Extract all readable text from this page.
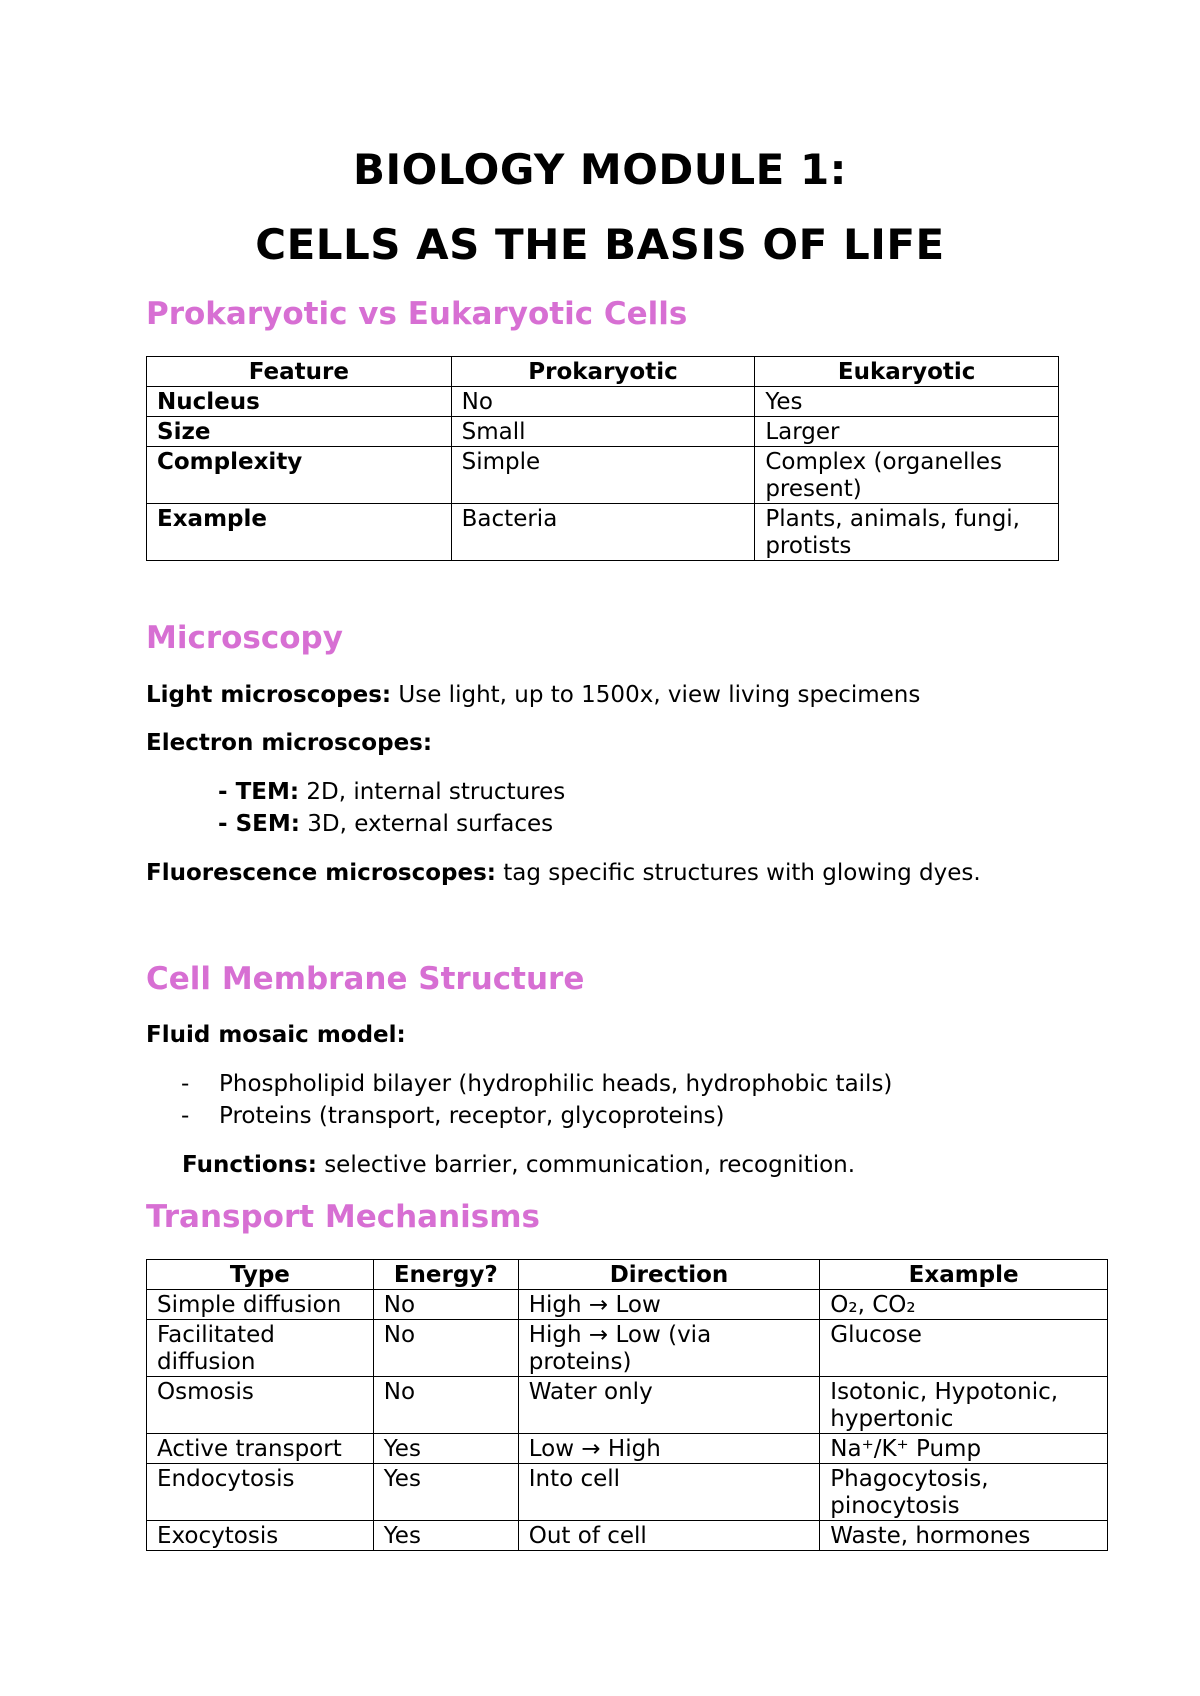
BIOLOGY MODULE 1:
CELLS AS THE BASIS OF LIFE
Prokaryotic vs Eukaryotic Cells
Feature	Prokaryotic	Eukaryotic
Nucleus	No	Yes
Size	Small	Larger
Complexity	Simple	Complex (organelles present)
Example	Bacteria	Plants, animals, fungi, protists
Microscopy
Light microscopes: Use light, up to 1500x, view living specimens
Electron microscopes:
- TEM: 2D, internal structures
- SEM: 3D, external surfaces
Fluorescence microscopes: tag specific structures with glowing dyes.
Cell Membrane Structure
Fluid mosaic model:
- Phospholipid bilayer (hydrophilic heads, hydrophobic tails)
- Proteins (transport, receptor, glycoproteins)
Functions: selective barrier, communication, recognition.
Transport Mechanisms
Type	Energy?	Direction	Example
Simple diffusion	No	High → Low	O₂, CO₂
Facilitated diffusion	No	High → Low (via proteins)	Glucose
Osmosis	No	Water only	Isotonic, Hypotonic, hypertonic
Active transport	Yes	Low → High	Na⁺/K⁺ Pump
Endocytosis	Yes	Into cell	Phagocytosis, pinocytosis
Exocytosis	Yes	Out of cell	Waste, hormones
